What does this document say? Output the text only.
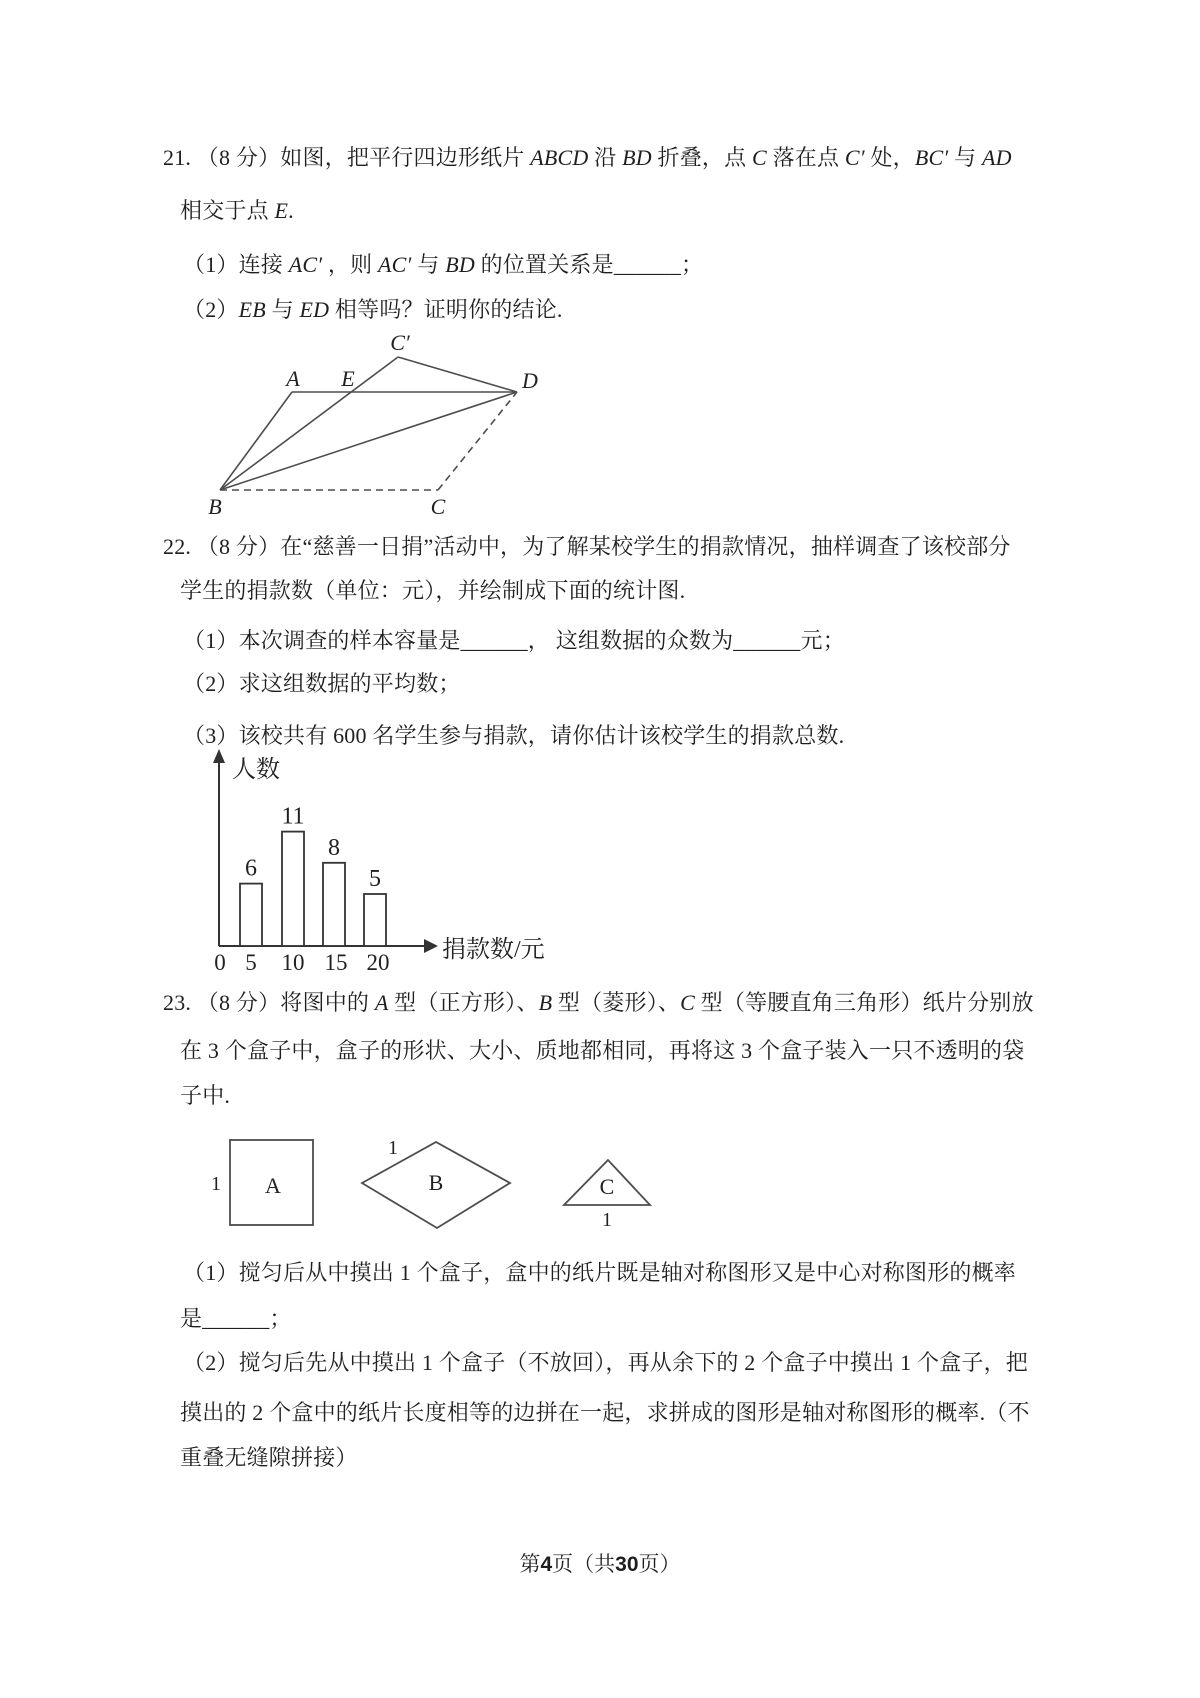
21. （8 分）如图，把平行四边形纸片 ABCD 沿 BD 折叠，点 C 落在点 C′ 处，BC′ 与 AD
相交于点 E.
（1）连接 AC′ ，则 AC′ 与 BD 的位置关系是______；
（2）EB 与 ED 相等吗？证明你的结论.
C′
A E	D
B	C
22. （8 分）在“慈善一日捐”活动中，为了解某校学生的捐款情况，抽样调查了该校部分
学生的捐款数（单位：元），并绘制成下面的统计图.
（1）本次调查的样本容量是______， 这组数据的众数为______元；
（2）求这组数据的平均数；
（3）该校共有 600 名学生参与捐款，请你估计该校学生的捐款总数.
人数
捐款数/元
6
11
8
5
0 5 10 15 20
23. （8 分）将图中的 A 型（正方形）、B 型（菱形）、C 型（等腰直角三角形）纸片分别放
在 3 个盒子中，盒子的形状、大小、质地都相同，再将这 3 个盒子装入一只不透明的袋
子中.
A
1	B
1
C
1
（1）搅匀后从中摸出 1 个盒子，盒中的纸片既是轴对称图形又是中心对称图形的概率
是______；
（2）搅匀后先从中摸出 1 个盒子（不放回），再从余下的 2 个盒子中摸出 1 个盒子，把
摸出的 2 个盒中的纸片长度相等的边拼在一起，求拼成的图形是轴对称图形的概率.（不
重叠无缝隙拼接）
第4页（共30页）
